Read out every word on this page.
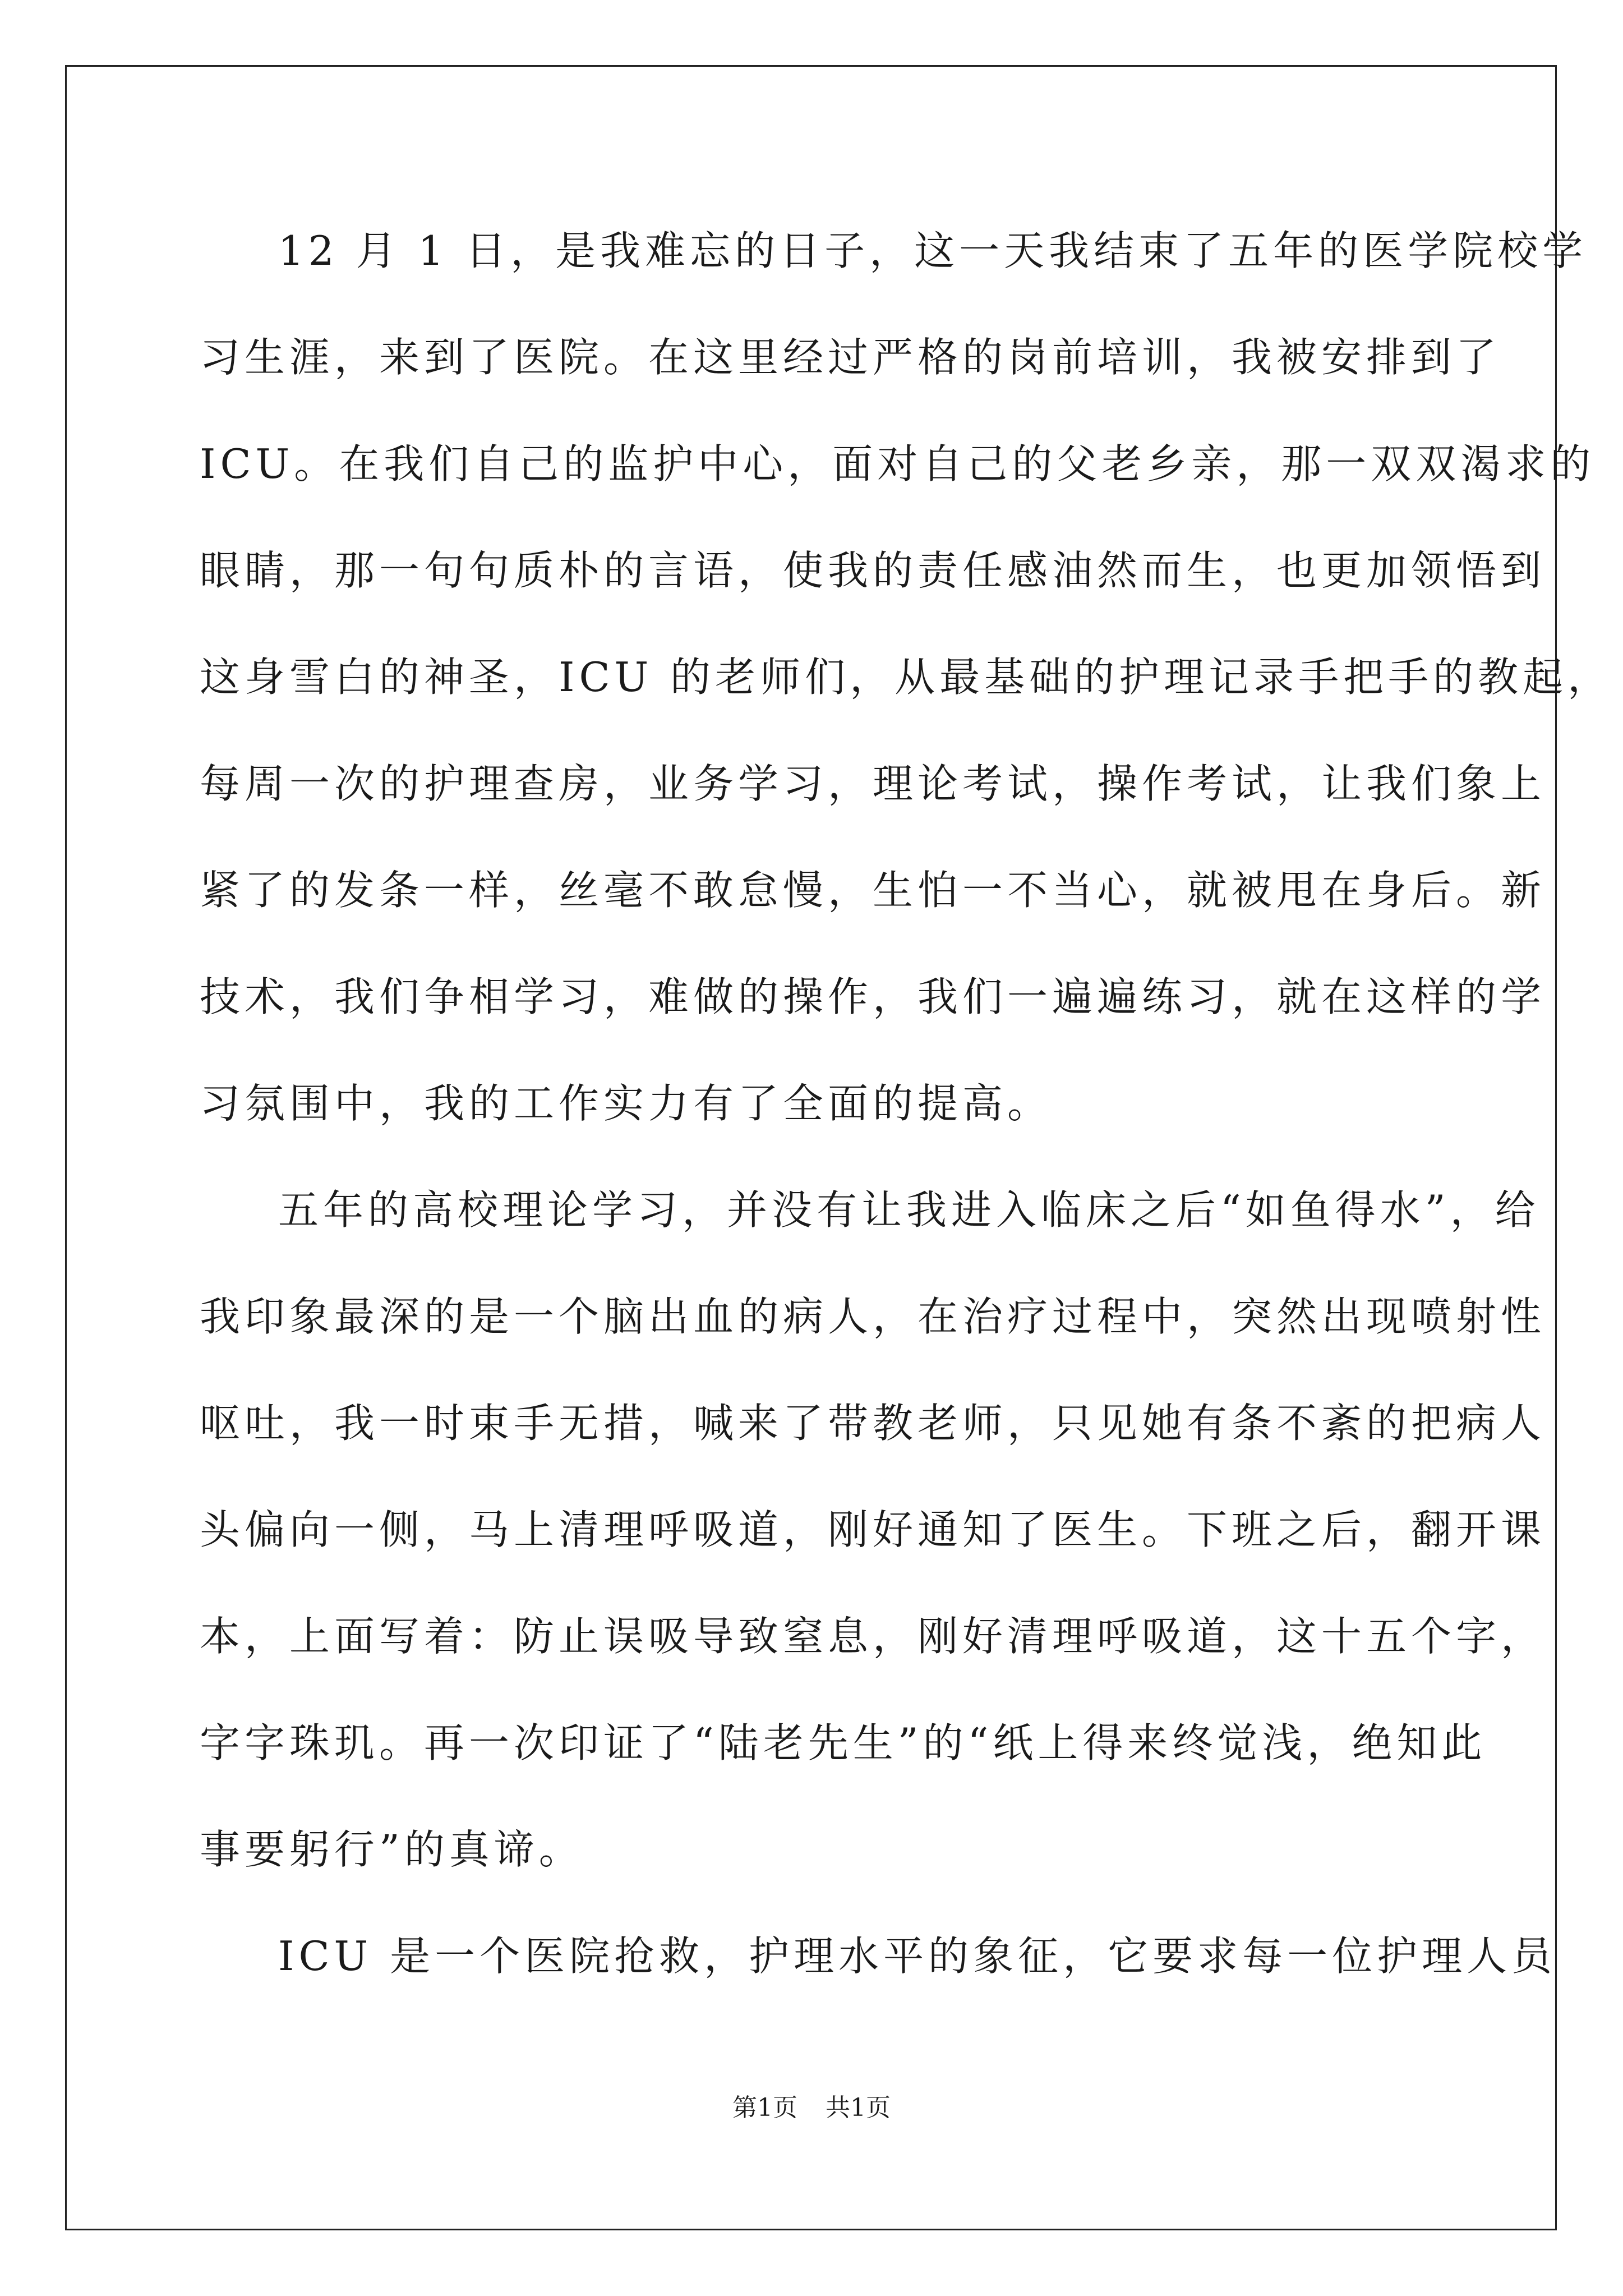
12 月 1 日，是我难忘的日子，这一天我结束了五年的医学院校学
习生涯，来到了医院。在这里经过严格的岗前培训，我被安排到了
ICU。在我们自己的监护中心，面对自己的父老乡亲，那一双双渴求的
眼睛，那一句句质朴的言语，使我的责任感油然而生，也更加领悟到
这身雪白的神圣，ICU 的老师们，从最基础的护理记录手把手的教起，
每周一次的护理查房，业务学习，理论考试，操作考试，让我们象上
紧了的发条一样，丝毫不敢怠慢，生怕一不当心，就被甩在身后。新
技术，我们争相学习，难做的操作，我们一遍遍练习，就在这样的学
习氛围中，我的工作实力有了全面的提高。
五年的高校理论学习，并没有让我进入临床之后“如鱼得水”，给
我印象最深的是一个脑出血的病人，在治疗过程中，突然出现喷射性
呕吐，我一时束手无措，喊来了带教老师，只见她有条不紊的把病人
头偏向一侧，马上清理呼吸道，刚好通知了医生。下班之后，翻开课
本，上面写着：防止误吸导致窒息，刚好清理呼吸道，这十五个字，
字字珠玑。再一次印证了“陆老先生”的“纸上得来终觉浅，绝知此
事要躬行”的真谛。
ICU 是一个医院抢救，护理水平的象征，它要求每一位护理人员
第1页 共1页
